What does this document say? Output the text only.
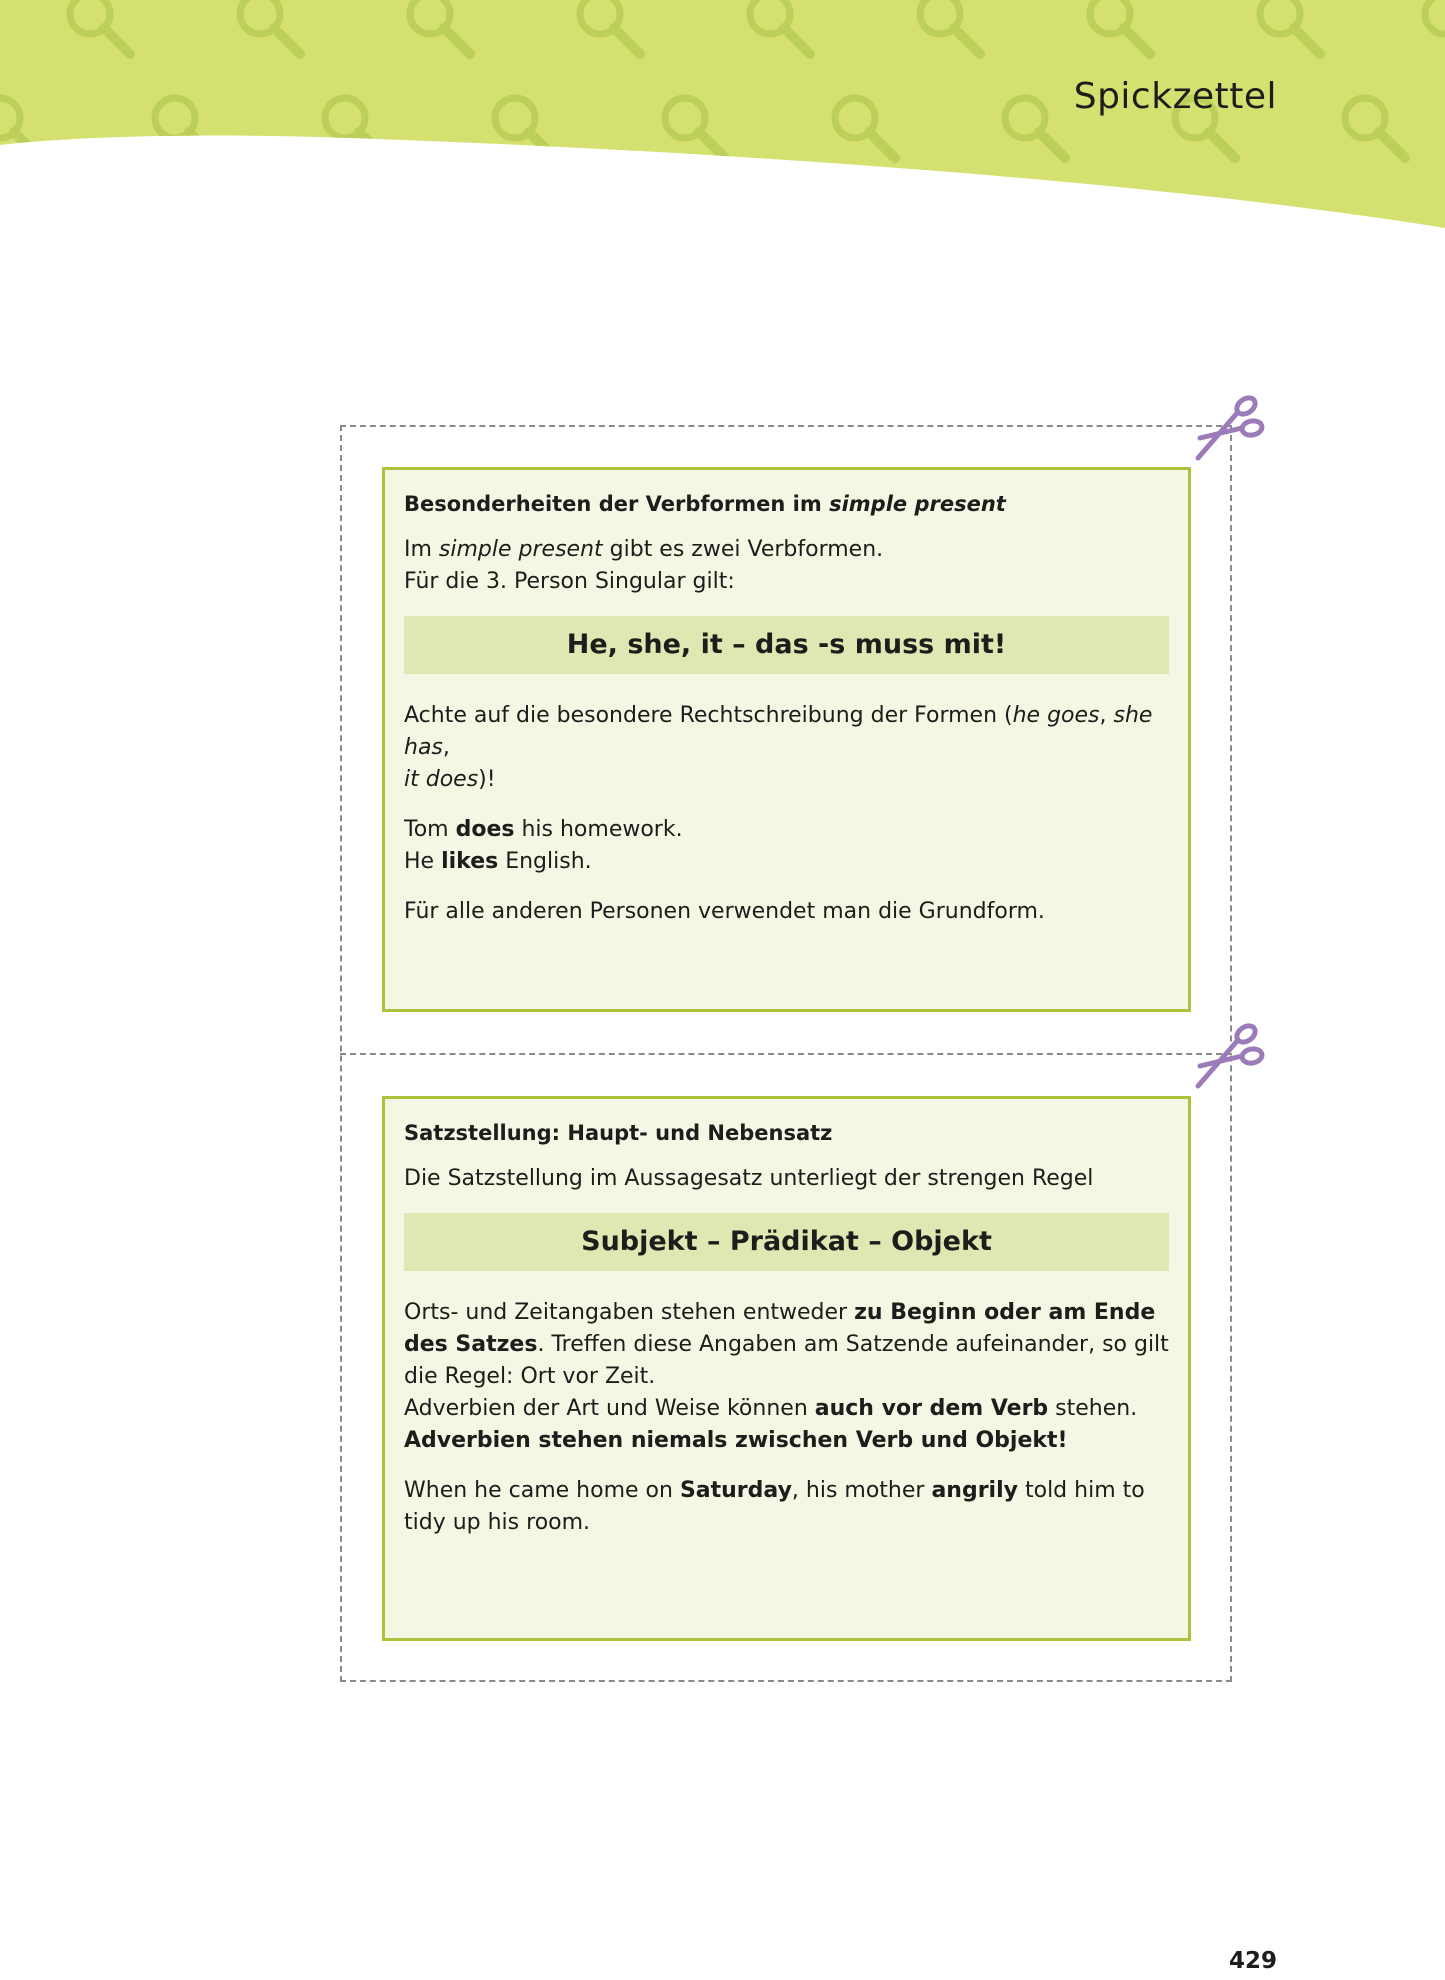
Spickzettel

Besonderheiten der Verbformen im simple present

Im simple present gibt es zwei Verbformen.
Für die 3. Person Singular gilt:

He, she, it – das -s muss mit!

Achte auf die besondere Rechtschreibung der Formen (he goes, she has,
it does)!

Tom does his homework.
He likes English.

Für alle anderen Personen verwendet man die Grundform.

Satzstellung: Haupt- und Nebensatz

Die Satzstellung im Aussagesatz unterliegt der strengen Regel

Subjekt – Prädikat – Objekt

Orts- und Zeitangaben stehen entweder zu Beginn oder am Ende des Satzes. Treffen diese Angaben am Satzende aufeinander, so gilt die Regel: Ort vor Zeit.
Adverbien der Art und Weise können auch vor dem Verb stehen.
Adverbien stehen niemals zwischen Verb und Objekt!

When he came home on Saturday, his mother angrily told him to tidy up his room.

429
